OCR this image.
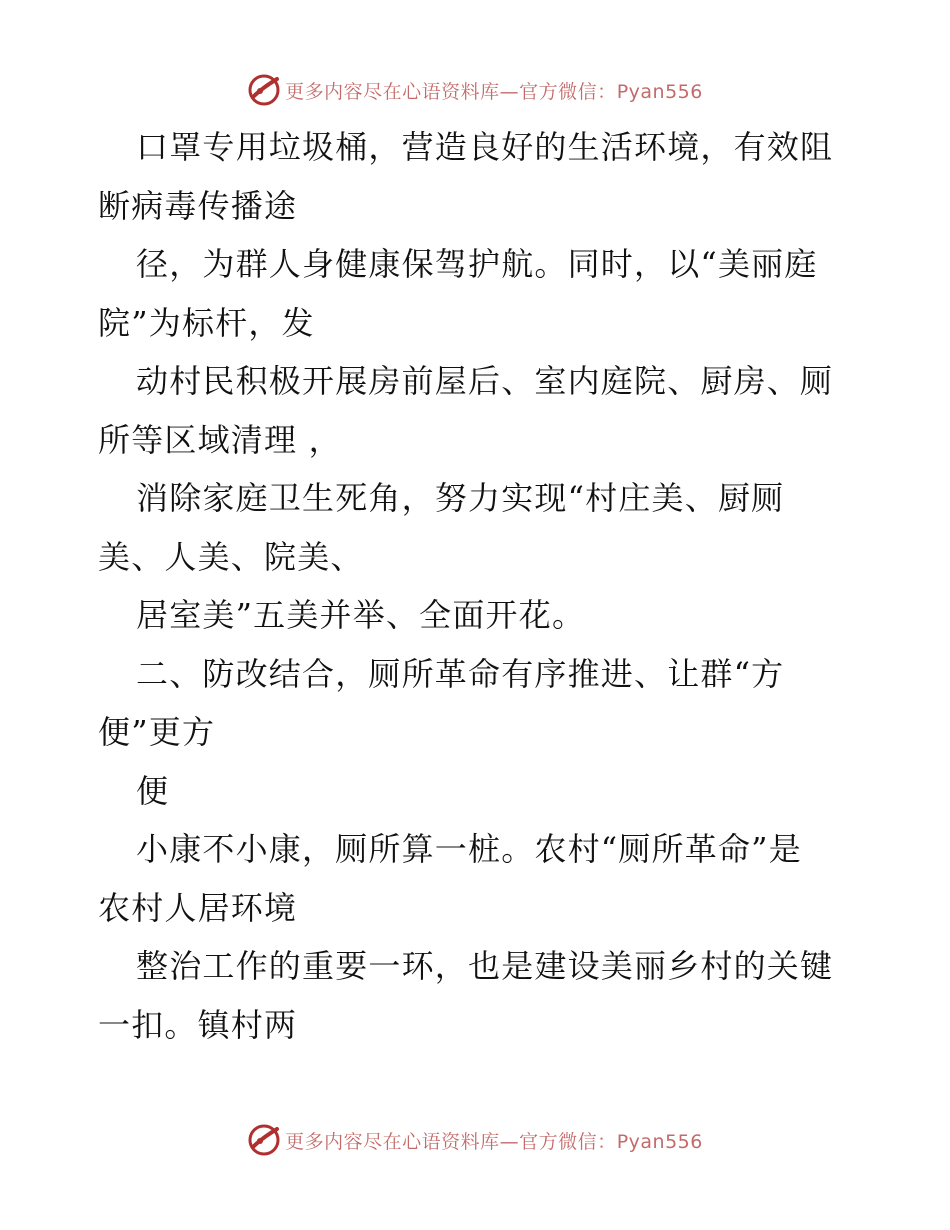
更多内容尽在心语资料库—官方微信：Pyan556
口罩专用垃圾桶，营造良好的生活环境，有效阻
断病毒传播途
径，为群人身健康保驾护航。同时，以“美丽庭
院”为标杆，发
动村民积极开展房前屋后、室内庭院、厨房、厕
所等区域清理 ，
消除家庭卫生死角，努力实现“村庄美、厨厕
美、人美、院美、
居室美”五美并举、全面开花。
二、防改结合，厕所革命有序推进、让群“方
便”更方
便
小康不小康，厕所算一桩。农村“厕所革命”是
农村人居环境
整治工作的重要一环，也是建设美丽乡村的关键
一扣。镇村两
更多内容尽在心语资料库—官方微信：Pyan556
